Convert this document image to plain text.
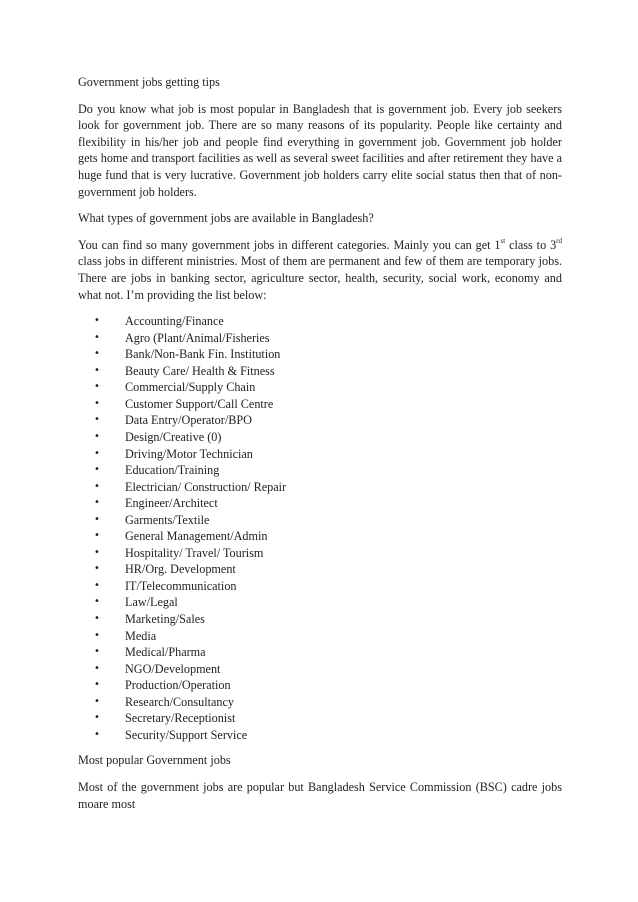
Government jobs getting tips

Do you know what job is most popular in Bangladesh that is government job. Every job seekers look for government job. There are so many reasons of its popularity. People like certainty and flexibility in his/her job and people find everything in government job. Government job holder gets home and transport facilities as well as several sweet facilities and after retirement they have a huge fund that is very lucrative. Government job holders carry elite social status then that of non-government job holders.

What types of government jobs are available in Bangladesh?

You can find so many government jobs in different categories. Mainly you can get 1st class to 3rd class jobs in different ministries. Most of them are permanent and few of them are temporary jobs. There are jobs in banking sector, agriculture sector, health, security, social work, economy and what not. I’m providing the list below:

• Accounting/Finance
• Agro (Plant/Animal/Fisheries
• Bank/Non-Bank Fin. Institution
• Beauty Care/ Health & Fitness
• Commercial/Supply Chain
• Customer Support/Call Centre
• Data Entry/Operator/BPO
• Design/Creative (0)
• Driving/Motor Technician
• Education/Training
• Electrician/ Construction/ Repair
• Engineer/Architect
• Garments/Textile
• General Management/Admin
• Hospitality/ Travel/ Tourism
• HR/Org. Development
• IT/Telecommunication
• Law/Legal
• Marketing/Sales
• Media
• Medical/Pharma
• NGO/Development
• Production/Operation
• Research/Consultancy
• Secretary/Receptionist
• Security/Support Service

Most popular Government jobs

Most of the government jobs are popular but Bangladesh Service Commission (BSC) cadre jobs moare most
